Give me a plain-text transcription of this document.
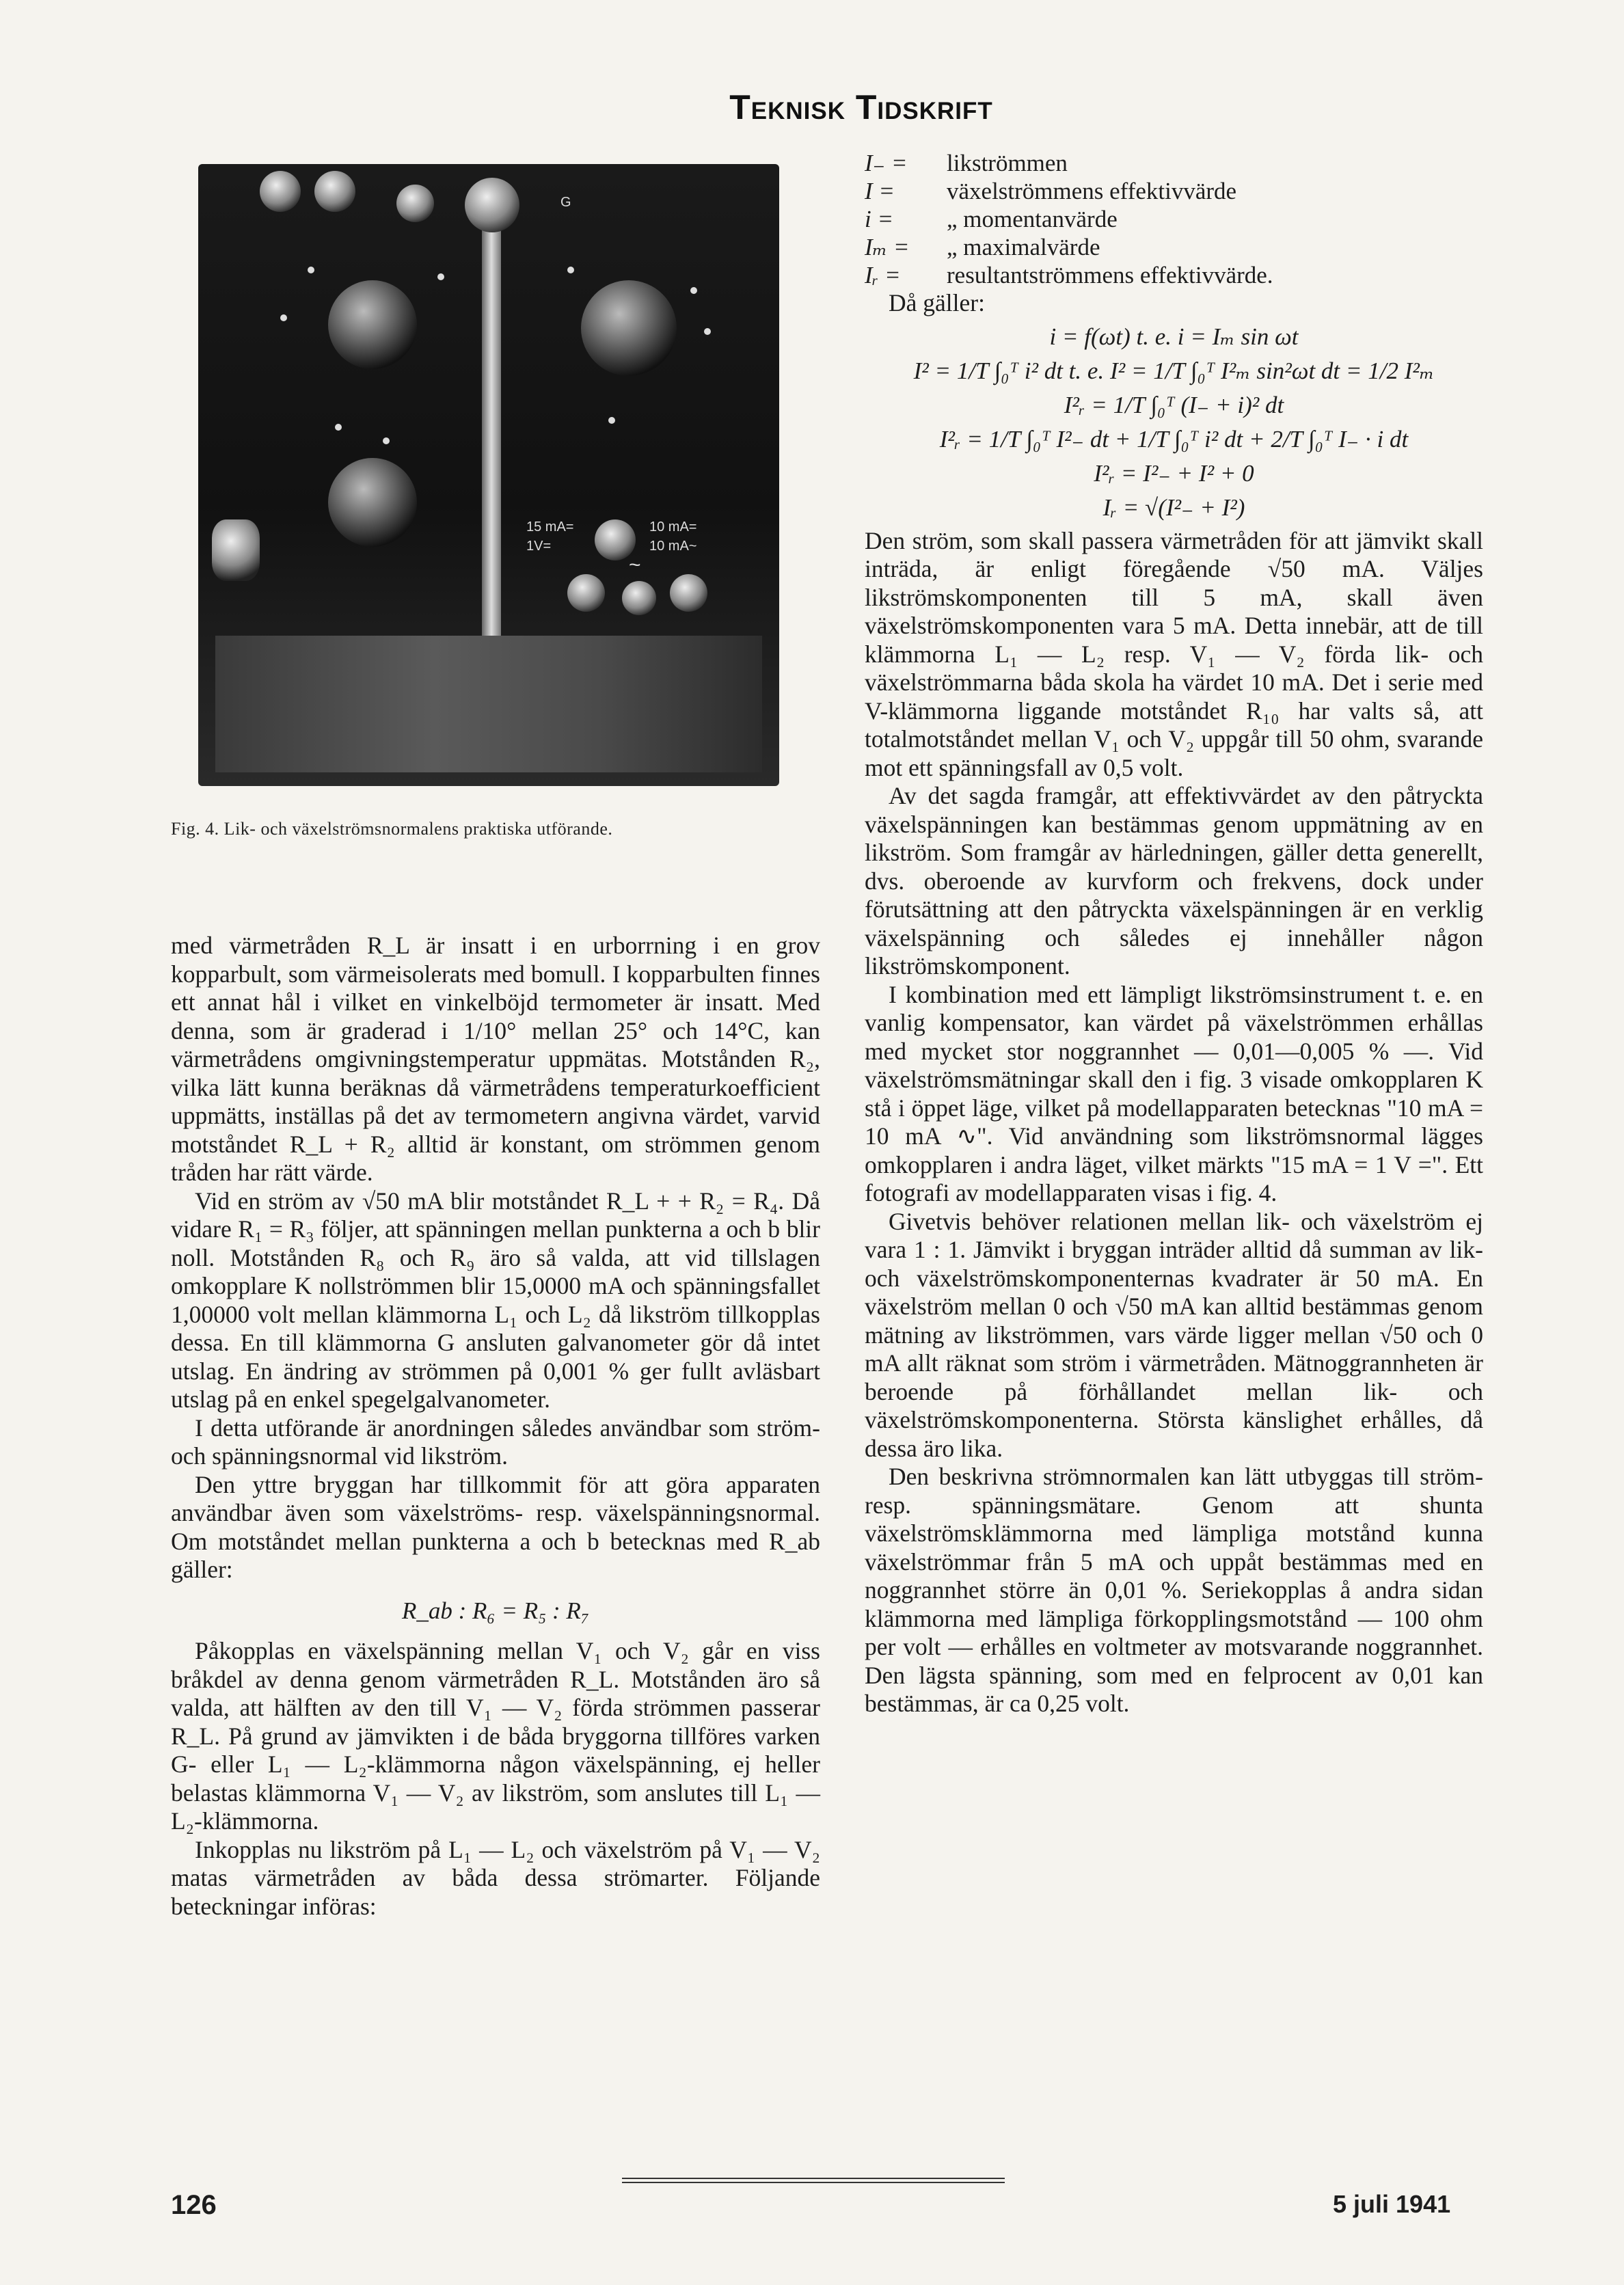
Teknisk Tidskrift
G
15 mA=
1V=
10 mA=
10 mA~
~
Fig. 4. Lik- och växelströmsnormalens praktiska utförande.

med värmetråden R_L är insatt i en urborrning i en grov kopparbult, som värmeisolerats med bomull. I kopparbulten finnes ett annat hål i vilket en vinkelböjd termometer är insatt. Med denna, som är graderad i 1/10° mellan 25° och 14°C, kan värmetrådens omgivningstemperatur uppmätas. Motstånden R₂, vilka lätt kunna beräknas då värmetrådens temperaturkoefficient uppmätts, inställas på det av termometern angivna värdet, varvid motståndet R_L + R₂ alltid är konstant, om strömmen genom tråden har rätt värde.

Vid en ström av √50 mA blir motståndet R_L + + R₂ = R₄. Då vidare R₁ = R₃ följer, att spänningen mellan punkterna a och b blir noll. Motstånden R₈ och R₉ äro så valda, att vid tillslagen omkopplare K nollströmmen blir 15,0000 mA och spänningsfallet 1,00000 volt mellan klämmorna L₁ och L₂ då likström tillkopplas dessa. En till klämmorna G ansluten galvanometer gör då intet utslag. En ändring av strömmen på 0,001 % ger fullt avläsbart utslag på en enkel spegelgalvanometer.

I detta utförande är anordningen således användbar som ström- och spänningsnormal vid likström.

Den yttre bryggan har tillkommit för att göra apparaten användbar även som växelströms- resp. växelspänningsnormal. Om motståndet mellan punkterna a och b betecknas med R_ab gäller:

R_ab : R₆ = R₅ : R₇

Påkopplas en växelspänning mellan V₁ och V₂ går en viss bråkdel av denna genom värmetråden R_L. Motstånden äro så valda, att hälften av den till V₁ — V₂ förda strömmen passerar R_L. På grund av jämvikten i de båda bryggorna tillföres varken G- eller L₁ — L₂-klämmorna någon växelspänning, ej heller belastas klämmorna V₁ — V₂ av likström, som anslutes till L₁ — L₂-klämmorna.

Inkopplas nu likström på L₁ — L₂ och växelström på V₁ — V₂ matas värmetråden av båda dessa strömarter. Följande beteckningar införas:

I₋ =	likströmmen
I =	växelströmmens effektivvärde
i =	„ momentanvärde
Iₘ =	„ maximalvärde
Iᵣ =	resultantströmmens effektivvärde.

Då gäller:

i = f(ωt) t. e. i = Iₘ sin ωt
I² = 1/T ∫₀ᵀ i² dt t. e. I² = 1/T ∫₀ᵀ I²ₘ sin²ωt dt = 1/2 I²ₘ
I²ᵣ = 1/T ∫₀ᵀ (I₋ + i)² dt
I²ᵣ = 1/T ∫₀ᵀ I²₋ dt + 1/T ∫₀ᵀ i² dt + 2/T ∫₀ᵀ I₋ · i dt
I²ᵣ = I²₋ + I² + 0
Iᵣ = √(I²₋ + I²)

Den ström, som skall passera värmetråden för att jämvikt skall inträda, är enligt föregående √50 mA. Väljes likströmskomponenten till 5 mA, skall även växelströmskomponenten vara 5 mA. Detta innebär, att de till klämmorna L₁ — L₂ resp. V₁ — V₂ förda lik- och växelströmmarna båda skola ha värdet 10 mA. Det i serie med V-klämmorna liggande motståndet R₁₀ har valts så, att totalmotståndet mellan V₁ och V₂ uppgår till 50 ohm, svarande mot ett spänningsfall av 0,5 volt.

Av det sagda framgår, att effektivvärdet av den påtryckta växelspänningen kan bestämmas genom uppmätning av en likström. Som framgår av härledningen, gäller detta generellt, dvs. oberoende av kurvform och frekvens, dock under förutsättning att den påtryckta växelspänningen är en verklig växelspänning och således ej innehåller någon likströmskomponent.

I kombination med ett lämpligt likströmsinstrument t. e. en vanlig kompensator, kan värdet på växelströmmen erhållas med mycket stor noggrannhet — 0,01—0,005 % —. Vid växelströmsmätningar skall den i fig. 3 visade omkopplaren K stå i öppet läge, vilket på modellapparaten betecknas "10 mA = 10 mA ∿". Vid användning som likströmsnormal lägges omkopplaren i andra läget, vilket märkts "15 mA = 1 V =". Ett fotografi av modellapparaten visas i fig. 4.

Givetvis behöver relationen mellan lik- och växelström ej vara 1 : 1. Jämvikt i bryggan inträder alltid då summan av lik- och växelströmskomponenternas kvadrater är 50 mA. En växelström mellan 0 och √50 mA kan alltid bestämmas genom mätning av likströmmen, vars värde ligger mellan √50 och 0 mA allt räknat som ström i värmetråden. Mätnoggrannheten är beroende på förhållandet mellan lik- och växelströmskomponenterna. Största känslighet erhålles, då dessa äro lika.

Den beskrivna strömnormalen kan lätt utbyggas till ström- resp. spänningsmätare. Genom att shunta växelströmsklämmorna med lämpliga motstånd kunna växelströmmar från 5 mA och uppåt bestämmas med en noggrannhet större än 0,01 %. Seriekopplas å andra sidan klämmorna med lämpliga förkopplingsmotstånd — 100 ohm per volt — erhålles en voltmeter av motsvarande noggrannhet. Den lägsta spänning, som med en felprocent av 0,01 kan bestämmas, är ca 0,25 volt.

126	5 juli 1941
